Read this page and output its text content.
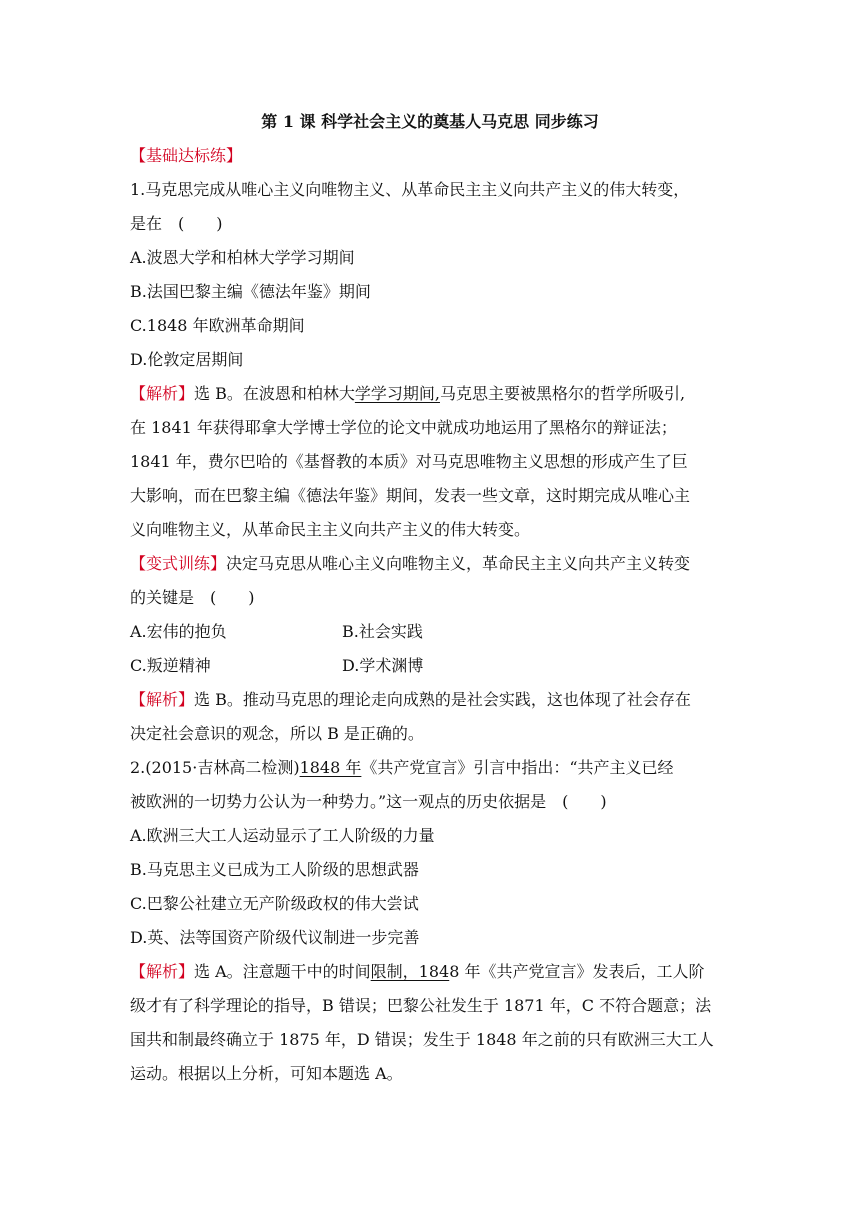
第 1 课 科学社会主义的奠基人马克思 同步练习
【基础达标练】
1.马克思完成从唯心主义向唯物主义、从革命民主主义向共产主义的伟大转变，
是在　(　　)
A.波恩大学和柏林大学学习期间
B.法国巴黎主编《德法年鉴》期间
C.1848 年欧洲革命期间
D.伦敦定居期间
【解析】选 B。在波恩和柏林大学学习期间,马克思主要被黑格尔的哲学所吸引,
在 1841 年获得耶拿大学博士学位的论文中就成功地运用了黑格尔的辩证法；
1841 年，费尔巴哈的《基督教的本质》对马克思唯物主义思想的形成产生了巨
大影响，而在巴黎主编《德法年鉴》期间，发表一些文章，这时期完成从唯心主
义向唯物主义，从革命民主主义向共产主义的伟大转变。
【变式训练】决定马克思从唯心主义向唯物主义，革命民主主义向共产主义转变
的关键是　(　　)
A.宏伟的抱负	B.社会实践
C.叛逆精神	D.学术渊博
【解析】选 B。推动马克思的理论走向成熟的是社会实践，这也体现了社会存在
决定社会意识的观念，所以 B 是正确的。
2.(2015·吉林高二检测)1848 年《共产党宣言》引言中指出：“共产主义已经
被欧洲的一切势力公认为一种势力。”这一观点的历史依据是　(　　)
A.欧洲三大工人运动显示了工人阶级的力量
B.马克思主义已成为工人阶级的思想武器
C.巴黎公社建立无产阶级政权的伟大尝试
D.英、法等国资产阶级代议制进一步完善
【解析】选 A。注意题干中的时间限制，1848 年《共产党宣言》发表后，工人阶
级才有了科学理论的指导，B 错误；巴黎公社发生于 1871 年，C 不符合题意；法
国共和制最终确立于 1875 年，D 错误；发生于 1848 年之前的只有欧洲三大工人
运动。根据以上分析，可知本题选 A。
